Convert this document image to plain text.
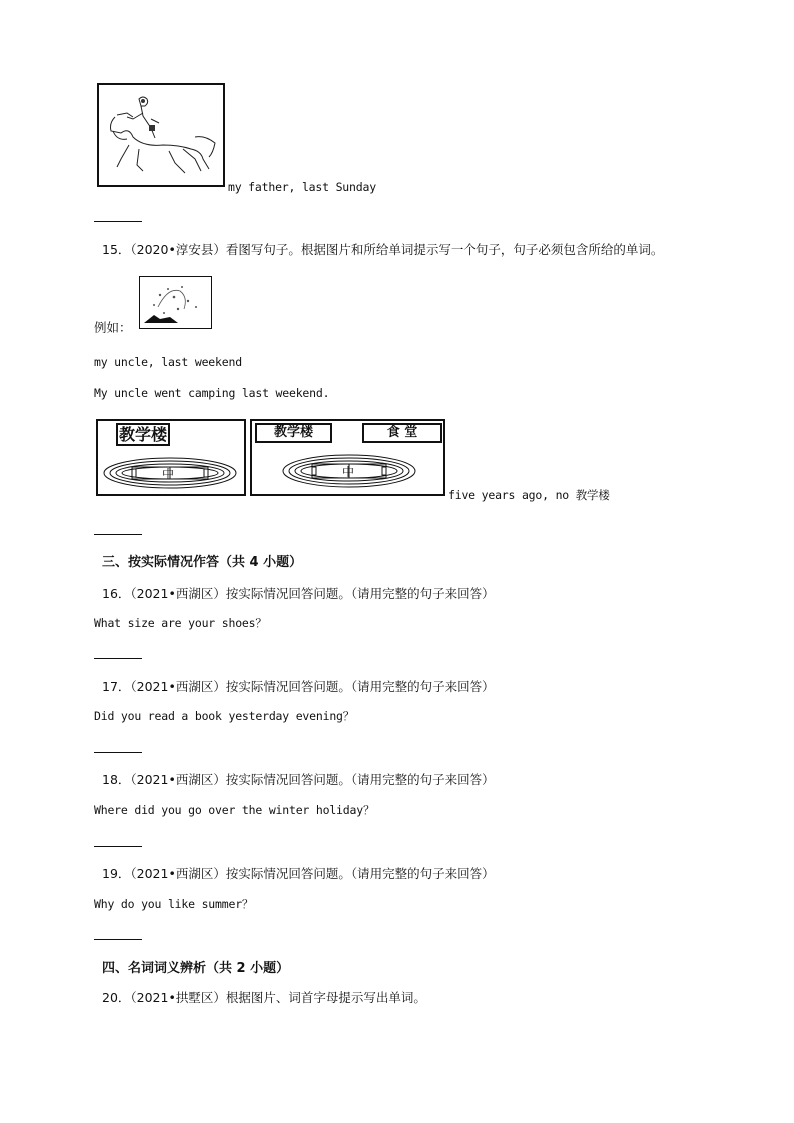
my father, last Sunday
15．（2020•淳安县）看图写句子。根据图片和所给单词提示写一个句子，句子必须包含所给的单词。
例如：
my uncle, last weekend
My uncle went camping last weekend.
教学楼
中
教学楼	食 堂
中
five years ago, no 教学楼
三、按实际情况作答（共 4 小题）
16．（2021•西湖区）按实际情况回答问题。（请用完整的句子来回答）
What size are your shoes？
17．（2021•西湖区）按实际情况回答问题。（请用完整的句子来回答）
Did you read a book yesterday evening？
18．（2021•西湖区）按实际情况回答问题。（请用完整的句子来回答）
Where did you go over the winter holiday？
19．（2021•西湖区）按实际情况回答问题。（请用完整的句子来回答）
Why do you like summer？
四、名词词义辨析（共 2 小题）
20．（2021•拱墅区）根据图片、词首字母提示写出单词。
